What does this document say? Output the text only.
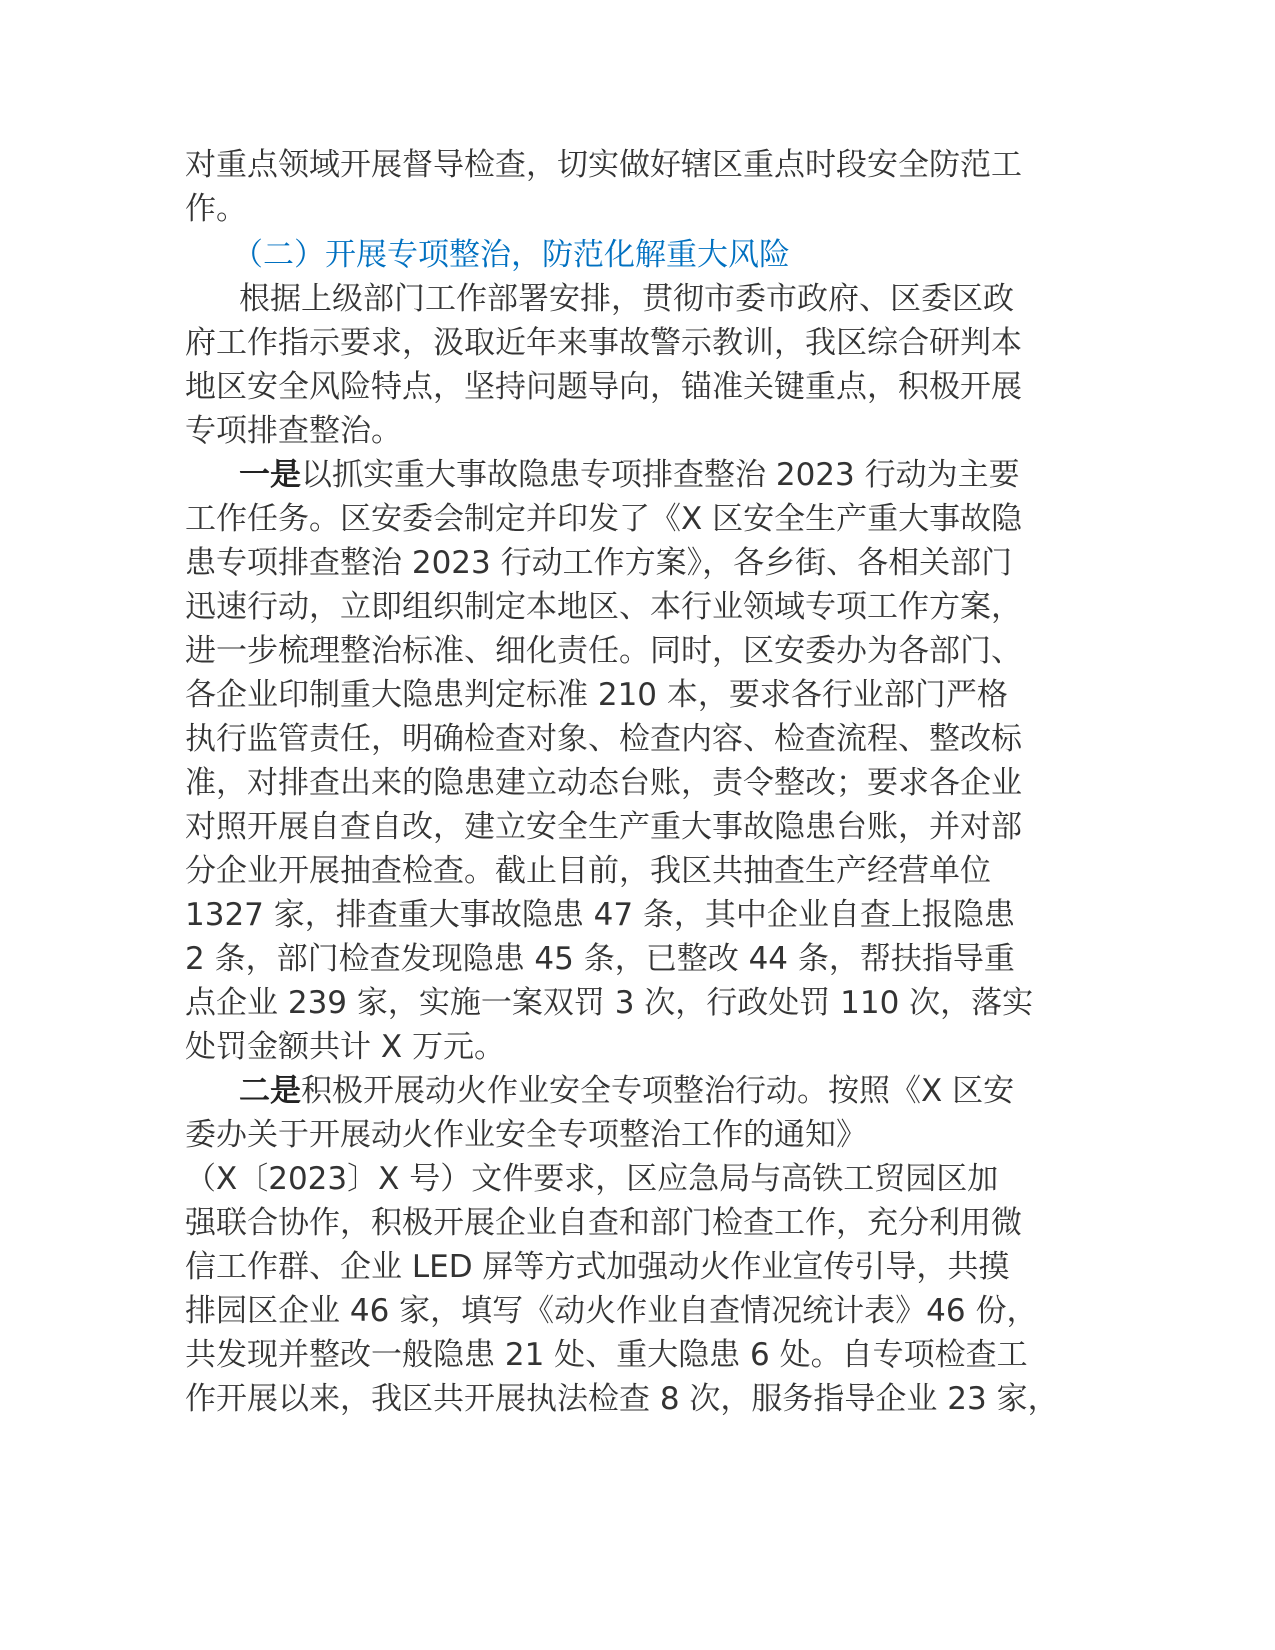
对重点领域开展督导检查，切实做好辖区重点时段安全防范工
作。
（二）开展专项整治，防范化解重大风险
根据上级部门工作部署安排，贯彻市委市政府、区委区政
府工作指示要求，汲取近年来事故警示教训，我区综合研判本
地区安全风险特点，坚持问题导向，锚准关键重点，积极开展
专项排查整治。
一是以抓实重大事故隐患专项排查整治 2023 行动为主要
工作任务。区安委会制定并印发了《X 区安全生产重大事故隐
患专项排查整治 2023 行动工作方案》，各乡街、各相关部门
迅速行动，立即组织制定本地区、本行业领域专项工作方案，
进一步梳理整治标准、细化责任。同时，区安委办为各部门、
各企业印制重大隐患判定标准 210 本，要求各行业部门严格
执行监管责任，明确检查对象、检查内容、检查流程、整改标
准，对排查出来的隐患建立动态台账，责令整改；要求各企业
对照开展自查自改，建立安全生产重大事故隐患台账，并对部
分企业开展抽查检查。截止目前，我区共抽查生产经营单位
1327 家，排查重大事故隐患 47 条，其中企业自查上报隐患
2 条，部门检查发现隐患 45 条，已整改 44 条，帮扶指导重
点企业 239 家，实施一案双罚 3 次，行政处罚 110 次，落实
处罚金额共计 X 万元。
二是积极开展动火作业安全专项整治行动。按照《X 区安
委办关于开展动火作业安全专项整治工作的通知》
（X〔2023〕X 号）文件要求，区应急局与高铁工贸园区加
强联合协作，积极开展企业自查和部门检查工作，充分利用微
信工作群、企业 LED 屏等方式加强动火作业宣传引导，共摸
排园区企业 46 家，填写《动火作业自查情况统计表》46 份，
共发现并整改一般隐患 21 处、重大隐患 6 处。自专项检查工
作开展以来，我区共开展执法检查 8 次，服务指导企业 23 家，
